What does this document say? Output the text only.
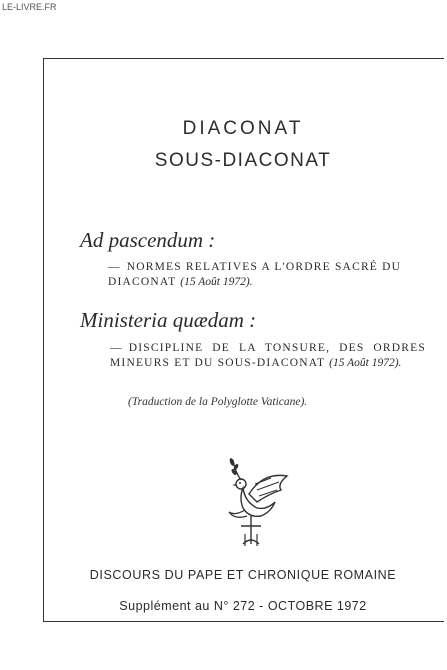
LE-LIVRE.FR
DIACONAT
SOUS-DIACONAT
Ad pascendum :
— NORMES RELATIVES A L'ORDRE SACRÉ DU DIACONAT (15 Août 1972).
Ministeria quædam :
— DISCIPLINE DE LA TONSURE, DES ORDRES MINEURS ET DU SOUS-DIACONAT (15 Août 1972).
(Traduction de la Polyglotte Vaticane).
DISCOURS DU PAPE ET CHRONIQUE ROMAINE
Supplément au N° 272 - OCTOBRE 1972
